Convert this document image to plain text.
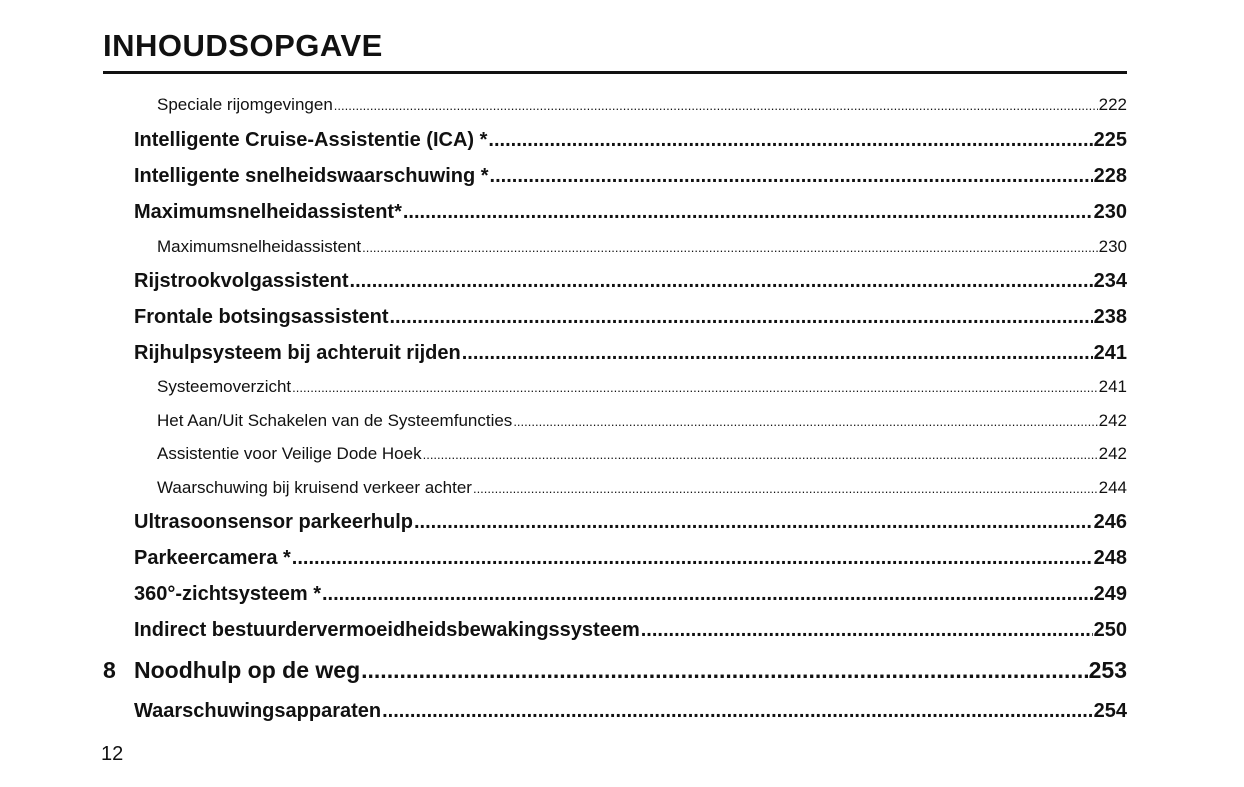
INHOUDSOPGAVE
Speciale rijomgevingen .....	222
Intelligente Cruise-Assistentie (ICA) * .....	225
Intelligente snelheidswaarschuwing * .....	228
Maximumsnelheidassistent* .....	230
Maximumsnelheidassistent .....	230
Rijstrookvolgassistent .....	234
Frontale botsingsassistent .....	238
Rijhulpsysteem bij achteruit rijden .....	241
Systeemoverzicht .....	241
Het Aan/Uit Schakelen van de Systeemfuncties .....	242
Assistentie voor Veilige Dode Hoek .....	242
Waarschuwing bij kruisend verkeer achter .....	244
Ultrasoonsensor parkeerhulp .....	246
Parkeercamera * .....	248
360°-zichtsysteem * .....	249
Indirect bestuurdervermoeidheidsbewakingssysteem .....	250
8 Noodhulp op de weg .....	253
Waarschuwingsapparaten .....	254
12
